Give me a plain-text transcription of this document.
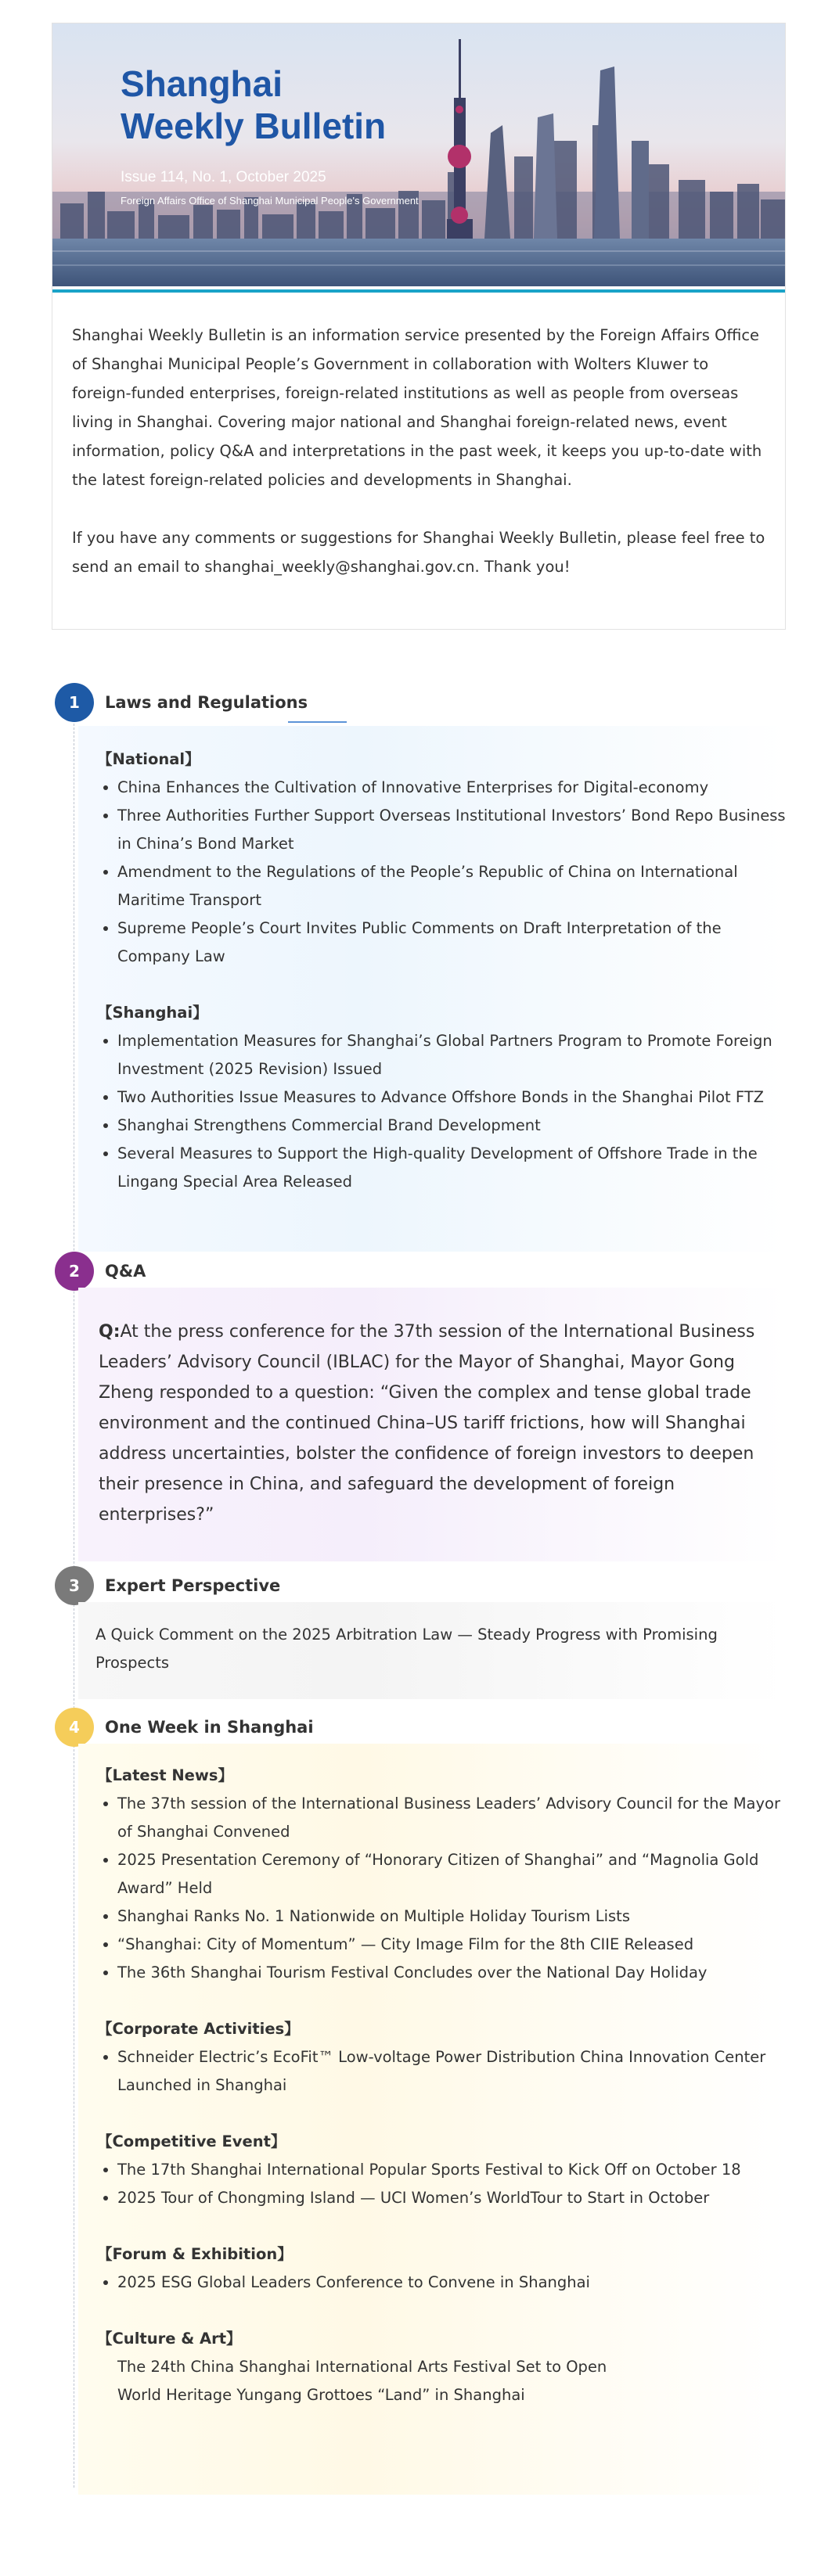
Shanghai
Weekly Bulletin
Issue 114, No. 1, October 2025
Foreign Affairs Office of Shanghai Municipal People's Government

Shanghai Weekly Bulletin is an information service presented by the Foreign Affairs Office of Shanghai Municipal People’s Government in collaboration with Wolters Kluwer to foreign-funded enterprises, foreign-related institutions as well as people from overseas living in Shanghai. Covering major national and Shanghai foreign-related news, event information, policy Q&A and interpretations in the past week, it keeps you up-to-date with the latest foreign-related policies and developments in Shanghai.

If you have any comments or suggestions for Shanghai Weekly Bulletin, please feel free to send an email to shanghai_weekly@shanghai.gov.cn. Thank you!

1	Laws and Regulations

【National】

China Enhances the Cultivation of Innovative Enterprises for Digital-economy
Three Authorities Further Support Overseas Institutional Investors’ Bond Repo Business in China’s Bond Market
Amendment to the Regulations of the People’s Republic of China on International Maritime Transport
Supreme People’s Court Invites Public Comments on Draft Interpretation of the Company Law

【Shanghai】

Implementation Measures for Shanghai’s Global Partners Program to Promote Foreign Investment (2025 Revision) Issued
Two Authorities Issue Measures to Advance Offshore Bonds in the Shanghai Pilot FTZ
Shanghai Strengthens Commercial Brand Development
Several Measures to Support the High-quality Development of Offshore Trade in the Lingang Special Area Released
2	Q&A

Q:At the press conference for the 37th session of the International Business Leaders’ Advisory Council (IBLAC) for the Mayor of Shanghai, Mayor Gong Zheng responded to a question: “Given the complex and tense global trade environment and the continued China–US tariff frictions, how will Shanghai address uncertainties, bolster the confidence of foreign investors to deepen their presence in China, and safeguard the development of foreign enterprises?”

3	Expert Perspective

A Quick Comment on the 2025 Arbitration Law — Steady Progress with Promising Prospects

4	One Week in Shanghai

【Latest News】

The 37th session of the International Business Leaders’ Advisory Council for the Mayor of Shanghai Convened
2025 Presentation Ceremony of “Honorary Citizen of Shanghai” and “Magnolia Gold Award” Held
Shanghai Ranks No. 1 Nationwide on Multiple Holiday Tourism Lists
“Shanghai: City of Momentum” — City Image Film for the 8th CIIE Released
The 36th Shanghai Tourism Festival Concludes over the National Day Holiday

【Corporate Activities】

Schneider Electric’s EcoFit™ Low-voltage Power Distribution China Innovation Center Launched in Shanghai

【Competitive Event】

The 17th Shanghai International Popular Sports Festival to Kick Off on October 18
2025 Tour of Chongming Island — UCI Women’s WorldTour to Start in October

【Forum & Exhibition】

2025 ESG Global Leaders Conference to Convene in Shanghai

【Culture & Art】

The 24th China Shanghai International Arts Festival Set to Open
World Heritage Yungang Grottoes “Land” in Shanghai
